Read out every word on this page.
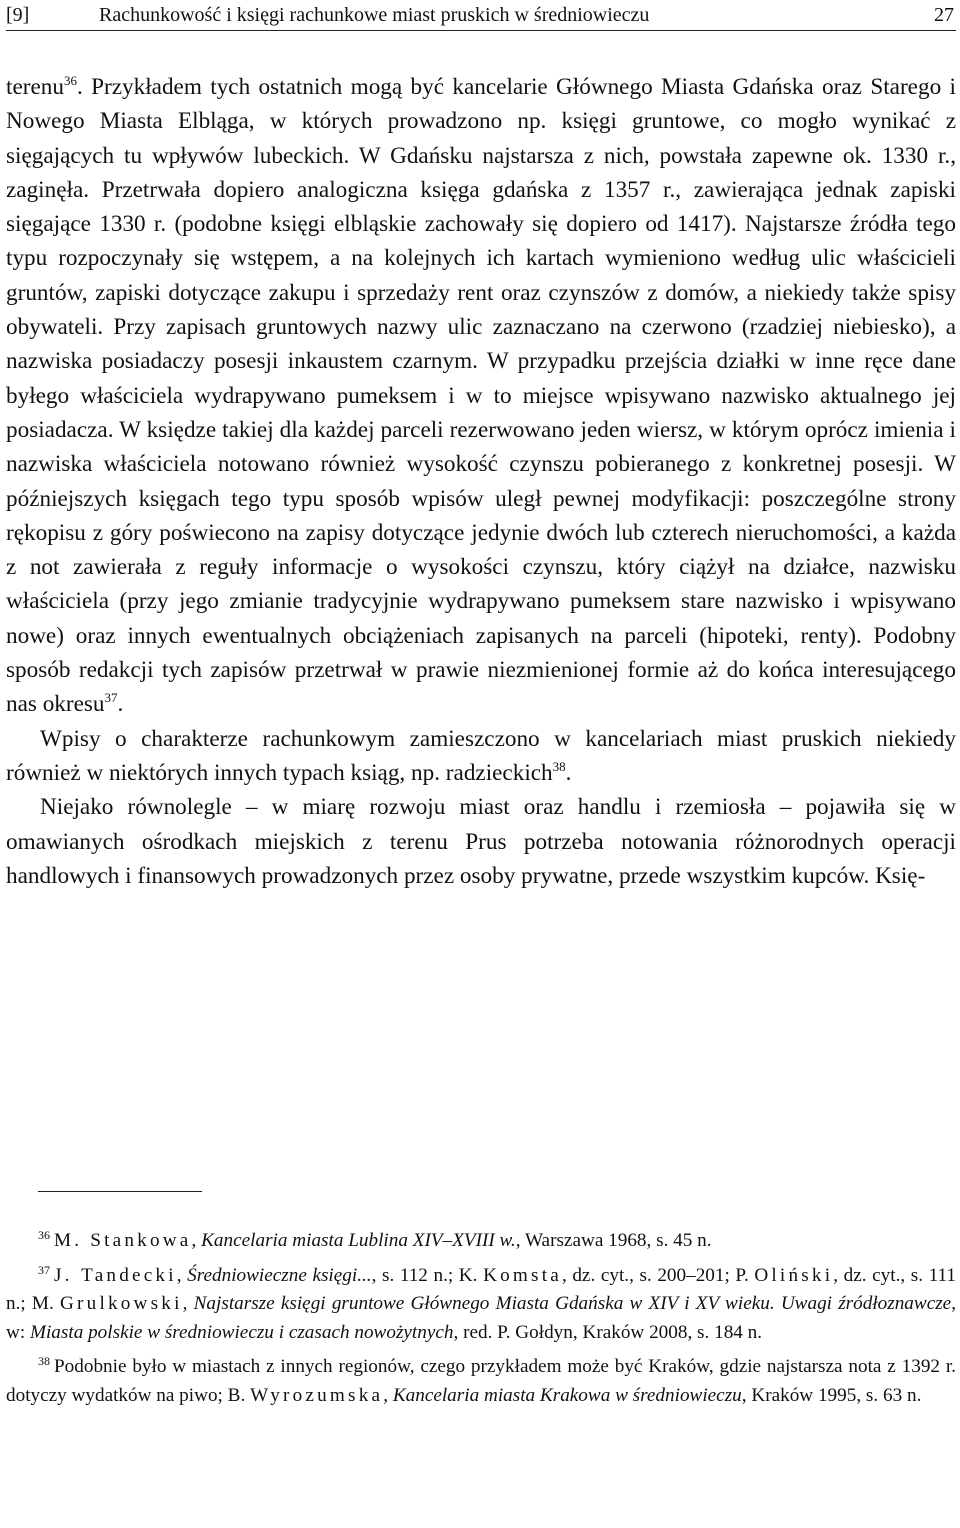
[9]	Rachunkowość i księgi rachunkowe miast pruskich w średniowieczu	27

terenu$^{36}$. Przykładem tych ostatnich mogą być kancelarie Głównego Miasta Gdańska oraz Starego i Nowego Miasta Elbląga, w których prowadzono np. księgi gruntowe, co mogło wynikać z sięgających tu wpływów lubeckich. W Gdańsku najstarsza z nich, powstała zapewne ok. 1330 r., zaginęła. Przetrwała dopiero analogiczna księga gdańska z 1357 r., zawierająca jednak zapiski sięgające 1330 r. (podobne księgi elbląskie zachowały się dopiero od 1417). Najstarsze źródła tego typu rozpoczynały się wstępem, a na kolejnych ich kartach wymieniono według ulic właścicieli gruntów, zapiski dotyczące zakupu i sprzedaży rent oraz czynszów z domów, a niekiedy także spisy obywateli. Przy zapisach gruntowych nazwy ulic zaznaczano na czerwono (rzadziej niebiesko), a nazwiska posiadaczy posesji inkaustem czarnym. W przypadku przejścia działki w inne ręce dane byłego właściciela wydrapywano pumeksem i w to miejsce wpisywano nazwisko aktualnego jej posiadacza. W księdze takiej dla każdej parceli rezerwowano jeden wiersz, w którym oprócz imienia i nazwiska właściciela notowano również wysokość czynszu pobieranego z konkretnej posesji. W późniejszych księgach tego typu sposób wpisów uległ pewnej modyfikacji: poszczególne strony rękopisu z góry poświecono na zapisy dotyczące jedynie dwóch lub czterech nieruchomości, a każda z not zawierała z reguły informacje o wysokości czynszu, który ciążył na działce, nazwisku właściciela (przy jego zmianie tradycyjnie wydrapywano pumeksem stare nazwisko i wpisywano nowe) oraz innych ewentualnych obciążeniach zapisanych na parceli (hipoteki, renty). Podobny sposób redakcji tych zapisów przetrwał w prawie niezmienionej formie aż do końca interesującego nas okresu$^{37}$.

Wpisy o charakterze rachunkowym zamieszczono w kancelariach miast pruskich niekiedy również w niektórych innych typach ksiąg, np. radzieckich$^{38}$.

Niejako równolegle – w miarę rozwoju miast oraz handlu i rzemiosła – pojawiła się w omawianych ośrodkach miejskich z terenu Prus potrzeba notowania różnorodnych operacji handlowych i finansowych prowadzonych przez osoby prywatne, przede wszystkim kupców. Księ-

$^{36}$ M. Stankowa, Kancelaria miasta Lublina XIV–XVIII w., Warszawa 1968, s. 45 n.

$^{37}$ J. Tandecki, Średniowieczne księgi..., s. 112 n.; K. Komsta, dz. cyt., s. 200–201; P. Oliński, dz. cyt., s. 111 n.; M. Grulkowski, Najstarsze księgi gruntowe Głównego Miasta Gdańska w XIV i XV wieku. Uwagi źródłoznawcze, w: Miasta polskie w średniowieczu i czasach nowożytnych, red. P. Gołdyn, Kraków 2008, s. 184 n.

$^{38}$ Podobnie było w miastach z innych regionów, czego przykładem może być Kraków, gdzie najstarsza nota z 1392 r. dotyczy wydatków na piwo; B. Wyrozumska, Kancelaria miasta Krakowa w średniowieczu, Kraków 1995, s. 63 n.
